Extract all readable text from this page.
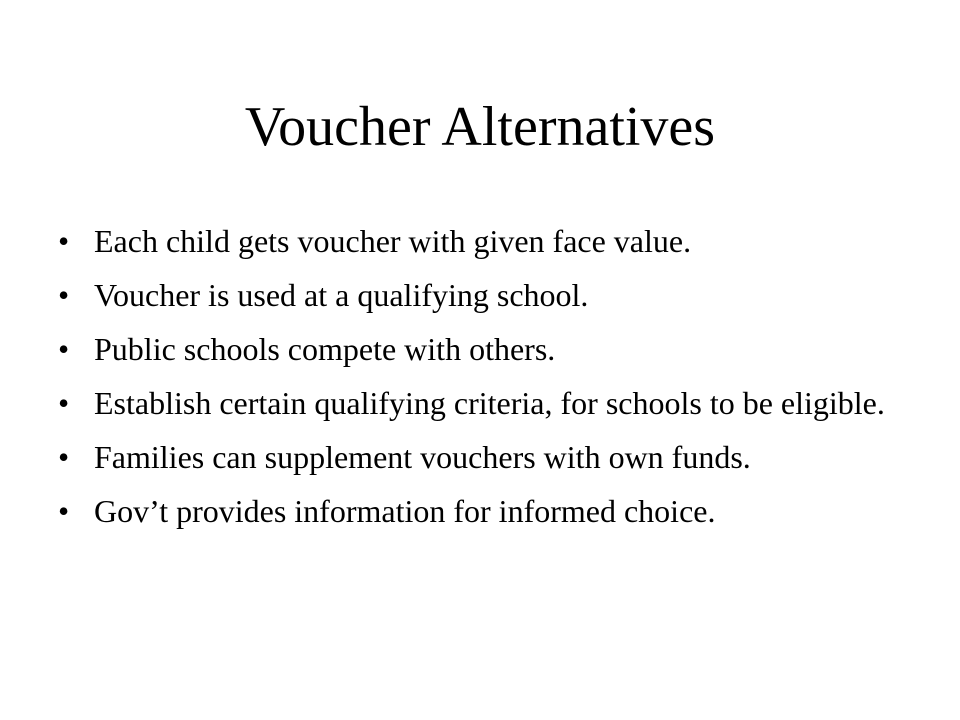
Voucher Alternatives
• Each child gets voucher with given face value.
• Voucher is used at a qualifying school.
• Public schools compete with others.
• Establish certain qualifying criteria, for schools to be eligible.
• Families can supplement vouchers with own funds.
• Gov’t provides information for informed choice.
